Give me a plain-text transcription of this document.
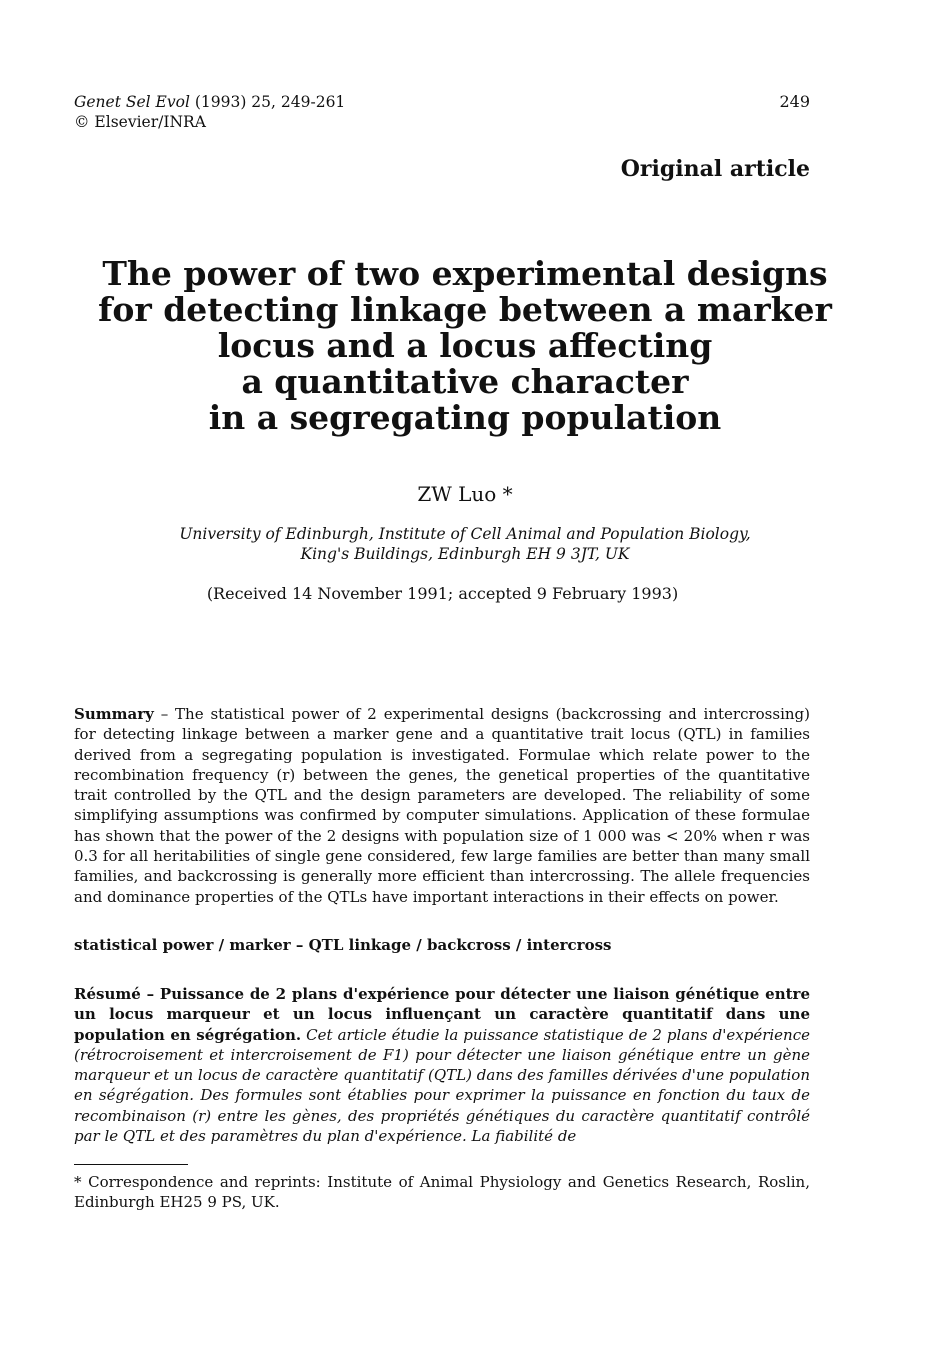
Genet Sel Evol (1993) 25, 249-261
© Elsevier/INRA
249
Original article
The power of two experimental designs
for detecting linkage between a marker
locus and a locus affecting
a quantitative character
in a segregating population
ZW Luo *
University of Edinburgh, Institute of Cell Animal and Population Biology, King's Buildings, Edinburgh EH 9 3JT, UK
(Received 14 November 1991; accepted 9 February 1993)
Summary – The statistical power of 2 experimental designs (backcrossing and intercrossing) for detecting linkage between a marker gene and a quantitative trait locus (QTL) in families derived from a segregating population is investigated. Formulae which relate power to the recombination frequency (r) between the genes, the genetical properties of the quantitative trait controlled by the QTL and the design parameters are developed. The reliability of some simplifying assumptions was confirmed by computer simulations. Application of these formulae has shown that the power of the 2 designs with population size of 1 000 was < 20% when r was 0.3 for all heritabilities of single gene considered, few large families are better than many small families, and backcrossing is generally more efficient than intercrossing. The allele frequencies and dominance properties of the QTLs have important interactions in their effects on power.
statistical power / marker – QTL linkage / backcross / intercross
Résumé – Puissance de 2 plans d'expérience pour détecter une liaison génétique entre un locus marqueur et un locus influençant un caractère quantitatif dans une population en ségrégation. Cet article étudie la puissance statistique de 2 plans d'expérience (rétrocroisement et intercroisement de F1) pour détecter une liaison génétique entre un gène marqueur et un locus de caractère quantitatif (QTL) dans des familles dérivées d'une population en ségrégation. Des formules sont établies pour exprimer la puissance en fonction du taux de recombinaison (r) entre les gènes, des propriétés génétiques du caractère quantitatif contrôlé par le QTL et des paramètres du plan d'expérience. La fiabilité de
* Correspondence and reprints: Institute of Animal Physiology and Genetics Research, Roslin, Edinburgh EH25 9 PS, UK.
